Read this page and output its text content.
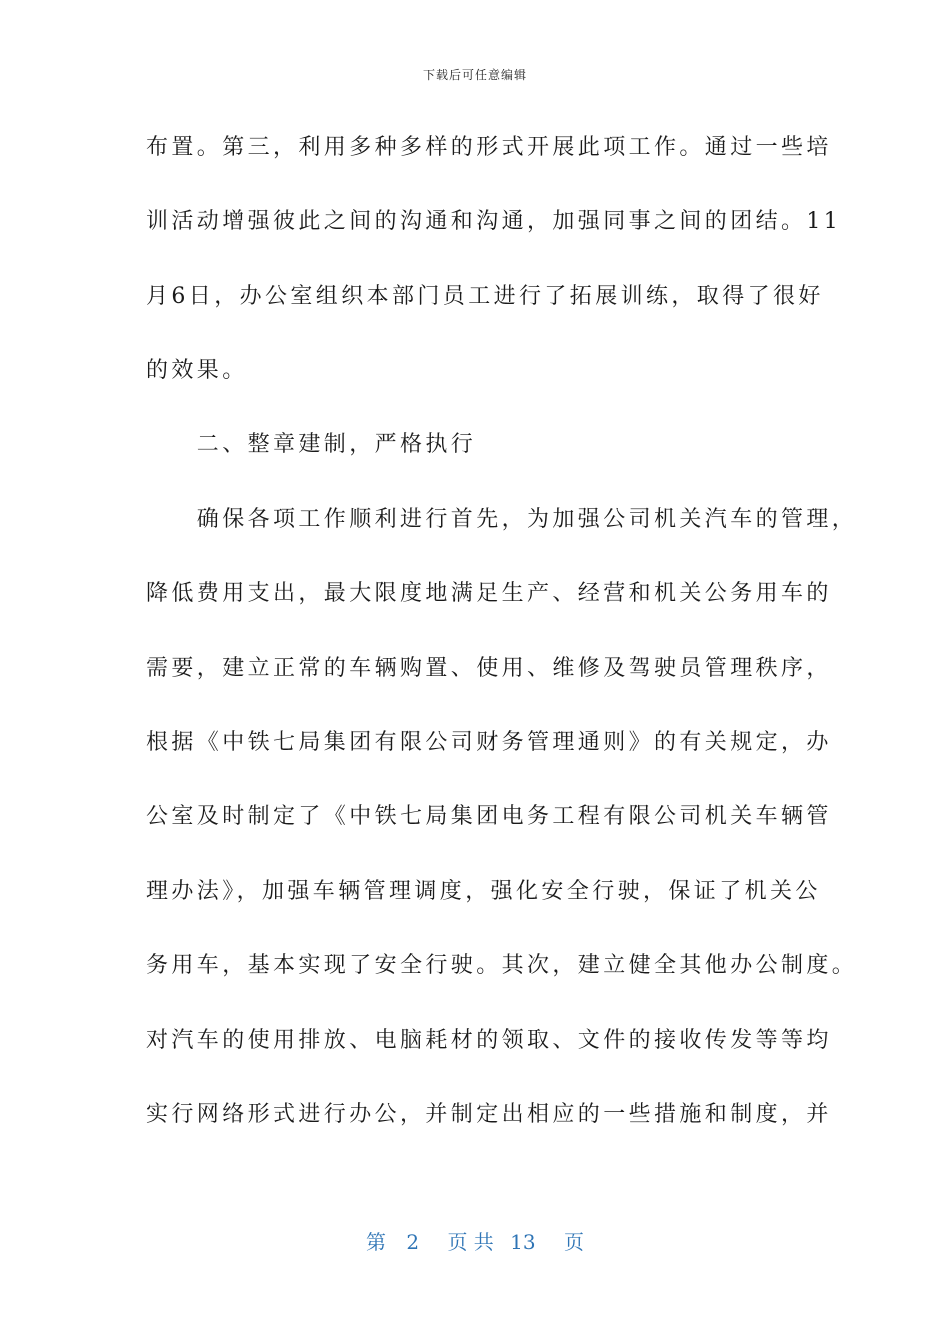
下载后可任意编辑
布置。第三，利用多种多样的形式开展此项工作。通过一些培
训活动增强彼此之间的沟通和沟通，加强同事之间的团结。11
月6日，办公室组织本部门员工进行了拓展训练，取得了很好
的效果。
　　二、整章建制，严格执行
　　确保各项工作顺利进行首先，为加强公司机关汽车的管理，
降低费用支出，最大限度地满足生产、经营和机关公务用车的
需要，建立正常的车辆购置、使用、维修及驾驶员管理秩序，
根据《中铁七局集团有限公司财务管理通则》的有关规定，办
公室及时制定了《中铁七局集团电务工程有限公司机关车辆管
理办法》，加强车辆管理调度，强化安全行驶，保证了机关公
务用车，基本实现了安全行驶。其次，建立健全其他办公制度。
对汽车的使用排放、电脑耗材的领取、文件的接收传发等等均
实行网络形式进行办公，并制定出相应的一些措施和制度，并
第 2 页 共 13 页
